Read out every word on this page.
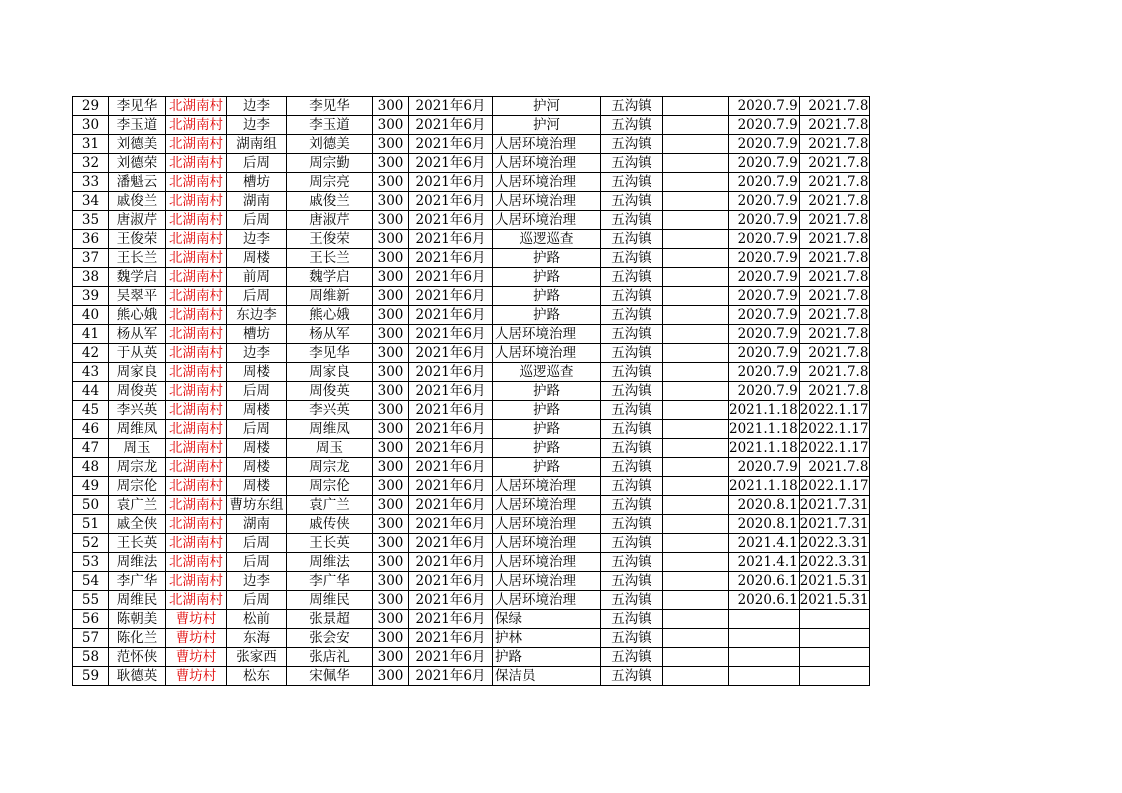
29	李见华	北湖南村	边李	李见华	300	2021年6月	护河	五沟镇		2020.7.9	2021.7.8
30	李玉道	北湖南村	边李	李玉道	300	2021年6月	护河	五沟镇		2020.7.9	2021.7.8
31	刘德美	北湖南村	湖南组	刘德美	300	2021年6月	人居环境治理	五沟镇		2020.7.9	2021.7.8
32	刘德荣	北湖南村	后周	周宗勤	300	2021年6月	人居环境治理	五沟镇		2020.7.9	2021.7.8
33	潘魁云	北湖南村	槽坊	周宗亮	300	2021年6月	人居环境治理	五沟镇		2020.7.9	2021.7.8
34	戚俊兰	北湖南村	湖南	戚俊兰	300	2021年6月	人居环境治理	五沟镇		2020.7.9	2021.7.8
35	唐淑芹	北湖南村	后周	唐淑芹	300	2021年6月	人居环境治理	五沟镇		2020.7.9	2021.7.8
36	王俊荣	北湖南村	边李	王俊荣	300	2021年6月	巡逻巡查	五沟镇		2020.7.9	2021.7.8
37	王长兰	北湖南村	周楼	王长兰	300	2021年6月	护路	五沟镇		2020.7.9	2021.7.8
38	魏学启	北湖南村	前周	魏学启	300	2021年6月	护路	五沟镇		2020.7.9	2021.7.8
39	吴翠平	北湖南村	后周	周维新	300	2021年6月	护路	五沟镇		2020.7.9	2021.7.8
40	熊心娥	北湖南村	东边李	熊心娥	300	2021年6月	护路	五沟镇		2020.7.9	2021.7.8
41	杨从军	北湖南村	槽坊	杨从军	300	2021年6月	人居环境治理	五沟镇		2020.7.9	2021.7.8
42	于从英	北湖南村	边李	李见华	300	2021年6月	人居环境治理	五沟镇		2020.7.9	2021.7.8
43	周家良	北湖南村	周楼	周家良	300	2021年6月	巡逻巡查	五沟镇		2020.7.9	2021.7.8
44	周俊英	北湖南村	后周	周俊英	300	2021年6月	护路	五沟镇		2020.7.9	2021.7.8
45	李兴英	北湖南村	周楼	李兴英	300	2021年6月	护路	五沟镇		2021.1.18	2022.1.17
46	周维凤	北湖南村	后周	周维凤	300	2021年6月	护路	五沟镇		2021.1.18	2022.1.17
47	周玉	北湖南村	周楼	周玉	300	2021年6月	护路	五沟镇		2021.1.18	2022.1.17
48	周宗龙	北湖南村	周楼	周宗龙	300	2021年6月	护路	五沟镇		2020.7.9	2021.7.8
49	周宗伦	北湖南村	周楼	周宗伦	300	2021年6月	人居环境治理	五沟镇		2021.1.18	2022.1.17
50	袁广兰	北湖南村	曹坊东组	袁广兰	300	2021年6月	人居环境治理	五沟镇		2020.8.1	2021.7.31
51	戚全侠	北湖南村	湖南	戚传侠	300	2021年6月	人居环境治理	五沟镇		2020.8.1	2021.7.31
52	王长英	北湖南村	后周	王长英	300	2021年6月	人居环境治理	五沟镇		2021.4.1	2022.3.31
53	周维法	北湖南村	后周	周维法	300	2021年6月	人居环境治理	五沟镇		2021.4.1	2022.3.31
54	李广华	北湖南村	边李	李广华	300	2021年6月	人居环境治理	五沟镇		2020.6.1	2021.5.31
55	周维民	北湖南村	后周	周维民	300	2021年6月	人居环境治理	五沟镇		2020.6.1	2021.5.31
56	陈朝美	曹坊村	松前	张景超	300	2021年6月	保绿	五沟镇			
57	陈化兰	曹坊村	东海	张会安	300	2021年6月	护林	五沟镇			
58	范怀侠	曹坊村	张家西	张店礼	300	2021年6月	护路	五沟镇			
59	耿德英	曹坊村	松东	宋佩华	300	2021年6月	保洁员	五沟镇			
